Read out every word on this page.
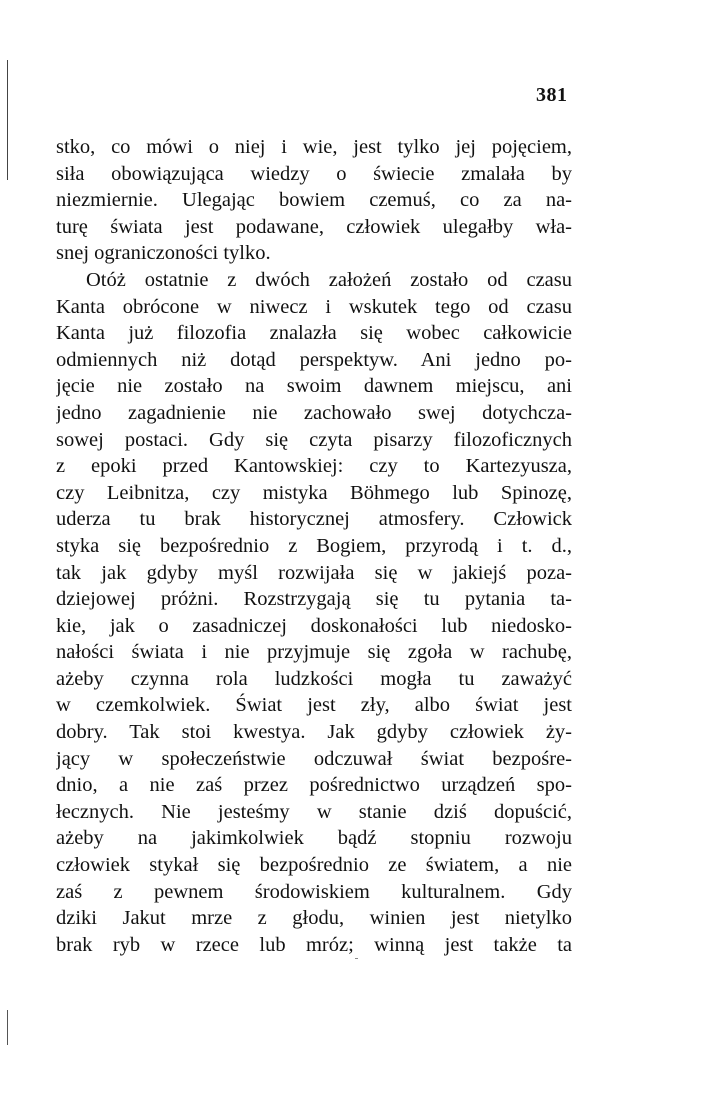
381
stko, co mówi o niej i wie, jest tylko jej pojęciem,
siła obowiązująca wiedzy o świecie zmalała by
niezmiernie. Ulegając bowiem czemuś, co za na-
turę świata jest podawane, człowiek ulegałby wła-
snej ograniczoności tylko.
Otóż ostatnie z dwóch założeń zostało od czasu
Kanta obrócone w niwecz i wskutek tego od czasu
Kanta już filozofia znalazła się wobec całkowicie
odmiennych niż dotąd perspektyw. Ani jedno po-
jęcie nie zostało na swoim dawnem miejscu, ani
jedno zagadnienie nie zachowało swej dotychcza-
sowej postaci. Gdy się czyta pisarzy filozoficznych
z epoki przed Kantowskiej: czy to Kartezyusza,
czy Leibnitza, czy mistyka Böhmego lub Spinozę,
uderza tu brak historycznej atmosfery. Człowick
styka się bezpośrednio z Bogiem, przyrodą i t. d.,
tak jak gdyby myśl rozwijała się w jakiejś poza-
dziejowej próżni. Rozstrzygają się tu pytania ta-
kie, jak o zasadniczej doskonałości lub niedosko-
nałości świata i nie przyjmuje się zgoła w rachubę,
ażeby czynna rola ludzkości mogła tu zaważyć
w czemkolwiek. Świat jest zły, albo świat jest
dobry. Tak stoi kwestya. Jak gdyby człowiek ży-
jący w społeczeństwie odczuwał świat bezpośre-
dnio, a nie zaś przez pośrednictwo urządzeń spo-
łecznych. Nie jesteśmy w stanie dziś dopuścić,
ażeby na jakimkolwiek bądź stopniu rozwoju
człowiek stykał się bezpośrednio ze światem, a nie
zaś z pewnem środowiskiem kulturalnem. Gdy
dziki Jakut mrze z głodu, winien jest nietylko
brak ryb w rzece lub mróz; winną jest także ta
